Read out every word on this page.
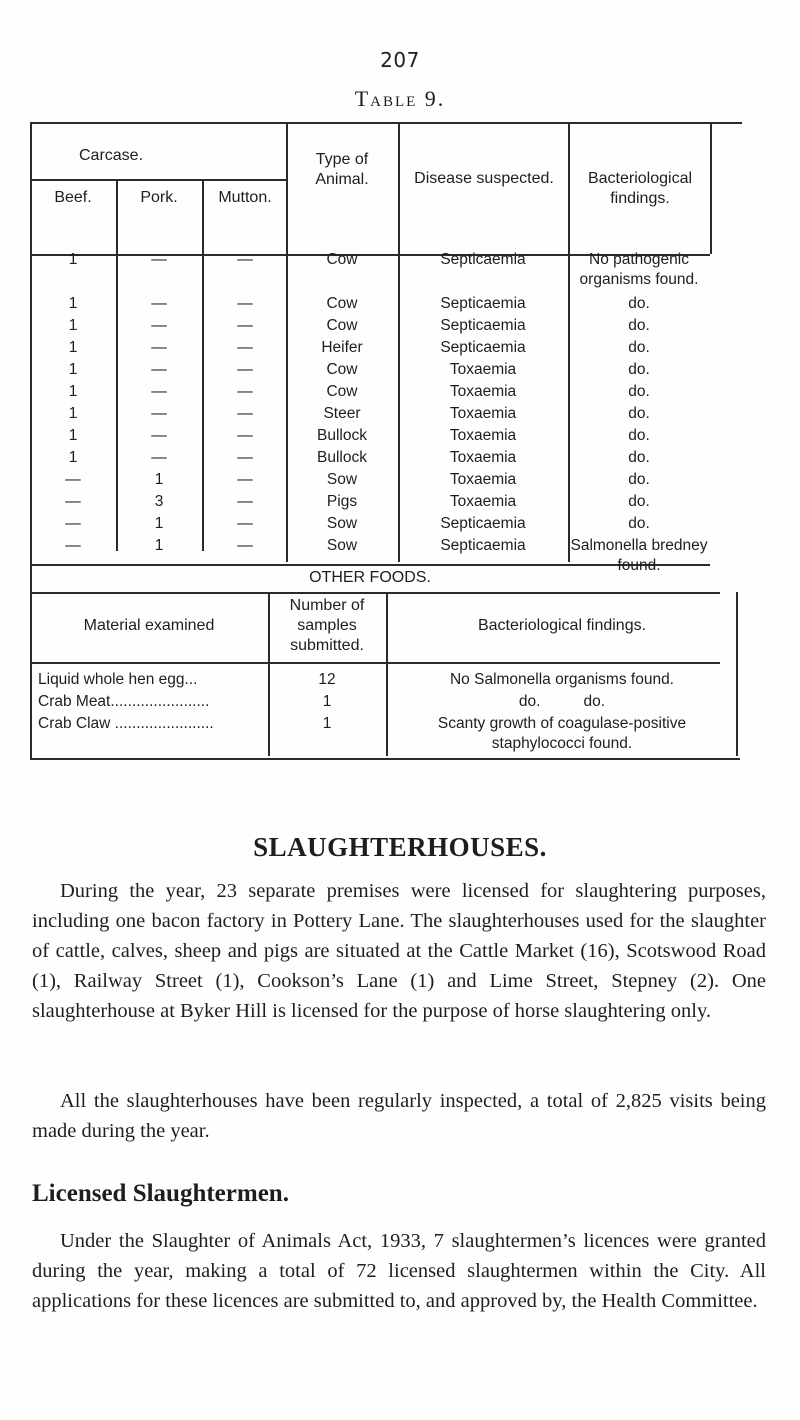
207
Table 9.
Carcase.
Beef.	Pork.	Mutton.
Type of Animal.	Disease suspected.	Bacteriological findings.
1	—	—	Cow	Septicaemia	No pathogenic organisms found.
1	—	—	Cow	Septicaemia	do.
1	—	—	Cow	Septicaemia	do.
1	—	—	Heifer	Septicaemia	do.
1	—	—	Cow	Toxaemia	do.
1	—	—	Cow	Toxaemia	do.
1	—	—	Steer	Toxaemia	do.
1	—	—	Bullock	Toxaemia	do.
1	—	—	Bullock	Toxaemia	do.
—	1	—	Sow	Toxaemia	do.
—	3	—	Pigs	Toxaemia	do.
—	1	—	Sow	Septicaemia	do.
—	1	—	Sow	Septicaemia	Salmonella bredney found.
OTHER FOODS.
Material examined
Number of samples submitted.
Bacteriological findings.
Liquid whole hen egg...	12	No Salmonella organisms found.
Crab Meat.......................	1	do.          do.
Crab Claw .......................	1	Scanty growth of coagulase-positive staphylococci found.
SLAUGHTERHOUSES.

During the year, 23 separate premises were licensed for slaughtering purposes, including one bacon factory in Pottery Lane. The slaughterhouses used for the slaughter of cattle, calves, sheep and pigs are situated at the Cattle Market (16), Scotswood Road (1), Railway Street (1), Cookson’s Lane (1) and Lime Street, Stepney (2). One slaughterhouse at Byker Hill is licensed for the purpose of horse slaughtering only.

All the slaughterhouses have been regularly inspected, a total of 2,825 visits being made during the year.

Licensed Slaughtermen.

Under the Slaughter of Animals Act, 1933, 7 slaughtermen’s licences were granted during the year, making a total of 72 licensed slaughtermen within the City. All applications for these licences are submitted to, and approved by, the Health Committee.
